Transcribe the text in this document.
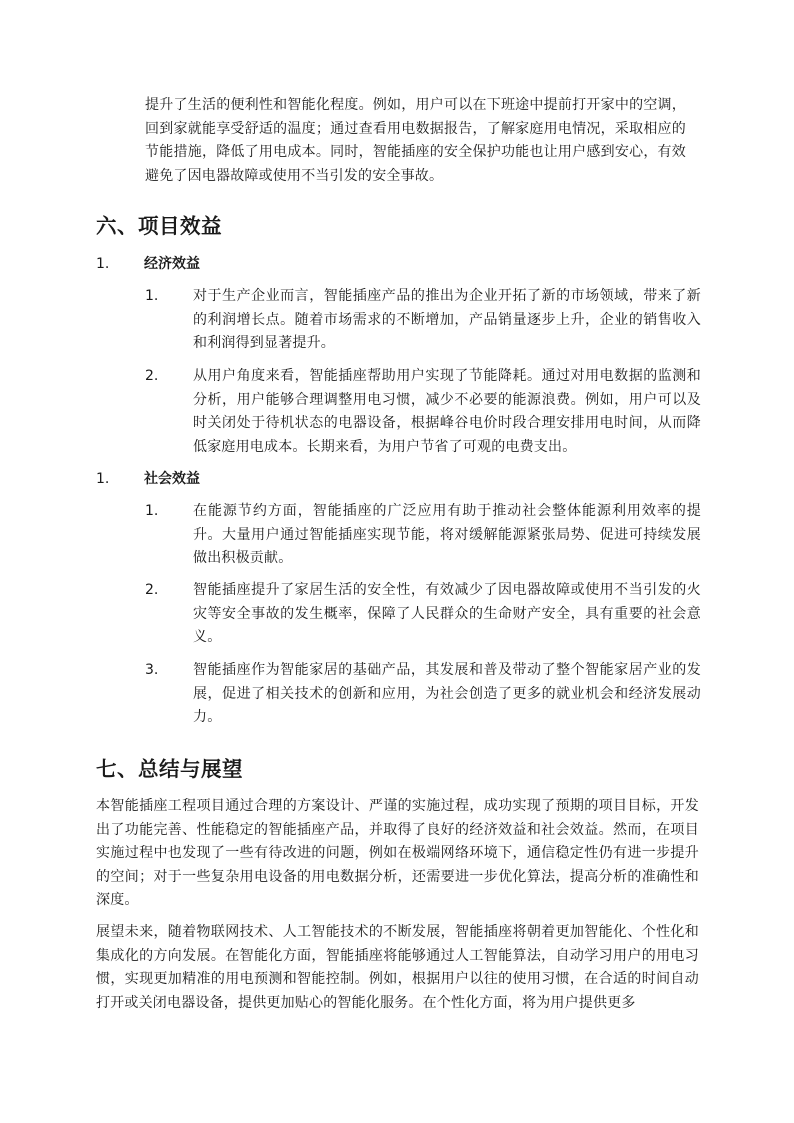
提升了生活的便利性和智能化程度。例如，用户可以在下班途中提前打开家中的空调，回到家就能享受舒适的温度；通过查看用电数据报告，了解家庭用电情况，采取相应的节能措施，降低了用电成本。同时，智能插座的安全保护功能也让用户感到安心，有效避免了因电器故障或使用不当引发的安全事故。

六、项目效益
1. 经济效益
1. 对于生产企业而言，智能插座产品的推出为企业开拓了新的市场领域，带来了新的利润增长点。随着市场需求的不断增加，产品销量逐步上升，企业的销售收入和利润得到显著提升。
2. 从用户角度来看，智能插座帮助用户实现了节能降耗。通过对用电数据的监测和分析，用户能够合理调整用电习惯，减少不必要的能源浪费。例如，用户可以及时关闭处于待机状态的电器设备，根据峰谷电价时段合理安排用电时间，从而降低家庭用电成本。长期来看，为用户节省了可观的电费支出。
1. 社会效益
1. 在能源节约方面，智能插座的广泛应用有助于推动社会整体能源利用效率的提升。大量用户通过智能插座实现节能，将对缓解能源紧张局势、促进可持续发展做出积极贡献。
2. 智能插座提升了家居生活的安全性，有效减少了因电器故障或使用不当引发的火灾等安全事故的发生概率，保障了人民群众的生命财产安全，具有重要的社会意义。
3. 智能插座作为智能家居的基础产品，其发展和普及带动了整个智能家居产业的发展，促进了相关技术的创新和应用，为社会创造了更多的就业机会和经济发展动力。
七、总结与展望

本智能插座工程项目通过合理的方案设计、严谨的实施过程，成功实现了预期的项目目标，开发出了功能完善、性能稳定的智能插座产品，并取得了良好的经济效益和社会效益。然而，在项目实施过程中也发现了一些有待改进的问题，例如在极端网络环境下，通信稳定性仍有进一步提升的空间；对于一些复杂用电设备的用电数据分析，还需要进一步优化算法，提高分析的准确性和深度。

展望未来，随着物联网技术、人工智能技术的不断发展，智能插座将朝着更加智能化、个性化和集成化的方向发展。在智能化方面，智能插座将能够通过人工智能算法，自动学习用户的用电习惯，实现更加精准的用电预测和智能控制。例如，根据用户以往的使用习惯，在合适的时间自动打开或关闭电器设备，提供更加贴心的智能化服务。在个性化方面，将为用户提供更多
